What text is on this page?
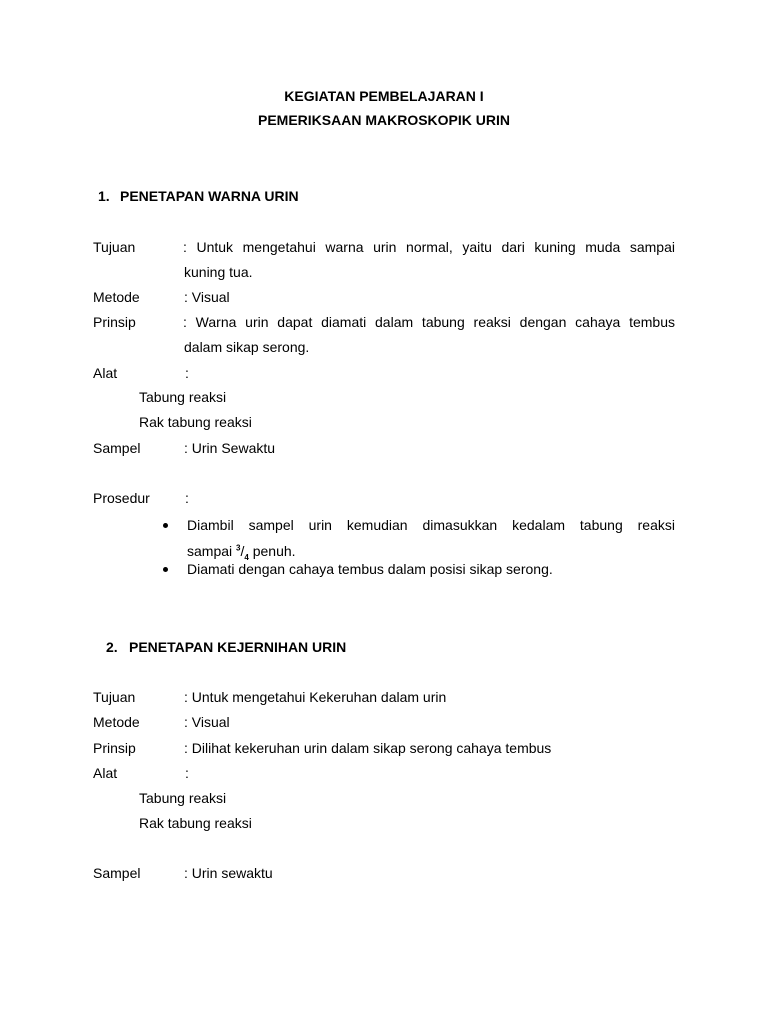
KEGIATAN PEMBELAJARAN I
PEMERIKSAAN MAKROSKOPIK URIN
1. PENETAPAN WARNA URIN
Tujuan	: Untuk mengetahui warna urin normal, yaitu dari kuning muda sampai
kuning tua.
Metode	: Visual
Prinsip	: Warna urin dapat diamati dalam tabung reaksi dengan cahaya tembus
dalam sikap serong.
Alat	:
Tabung reaksi
Rak tabung reaksi
Sampel	: Urin Sewaktu
Prosedur	:
Diambil sampel urin kemudian dimasukkan kedalam tabung reaksi
sampai $^3/_4$ penuh.
Diamati dengan cahaya tembus dalam posisi sikap serong.
2. PENETAPAN KEJERNIHAN URIN
Tujuan	: Untuk mengetahui Kekeruhan dalam urin
Metode	: Visual
Prinsip	: Dilihat kekeruhan urin dalam sikap serong cahaya tembus
Alat	:
Tabung reaksi
Rak tabung reaksi
Sampel	: Urin sewaktu
